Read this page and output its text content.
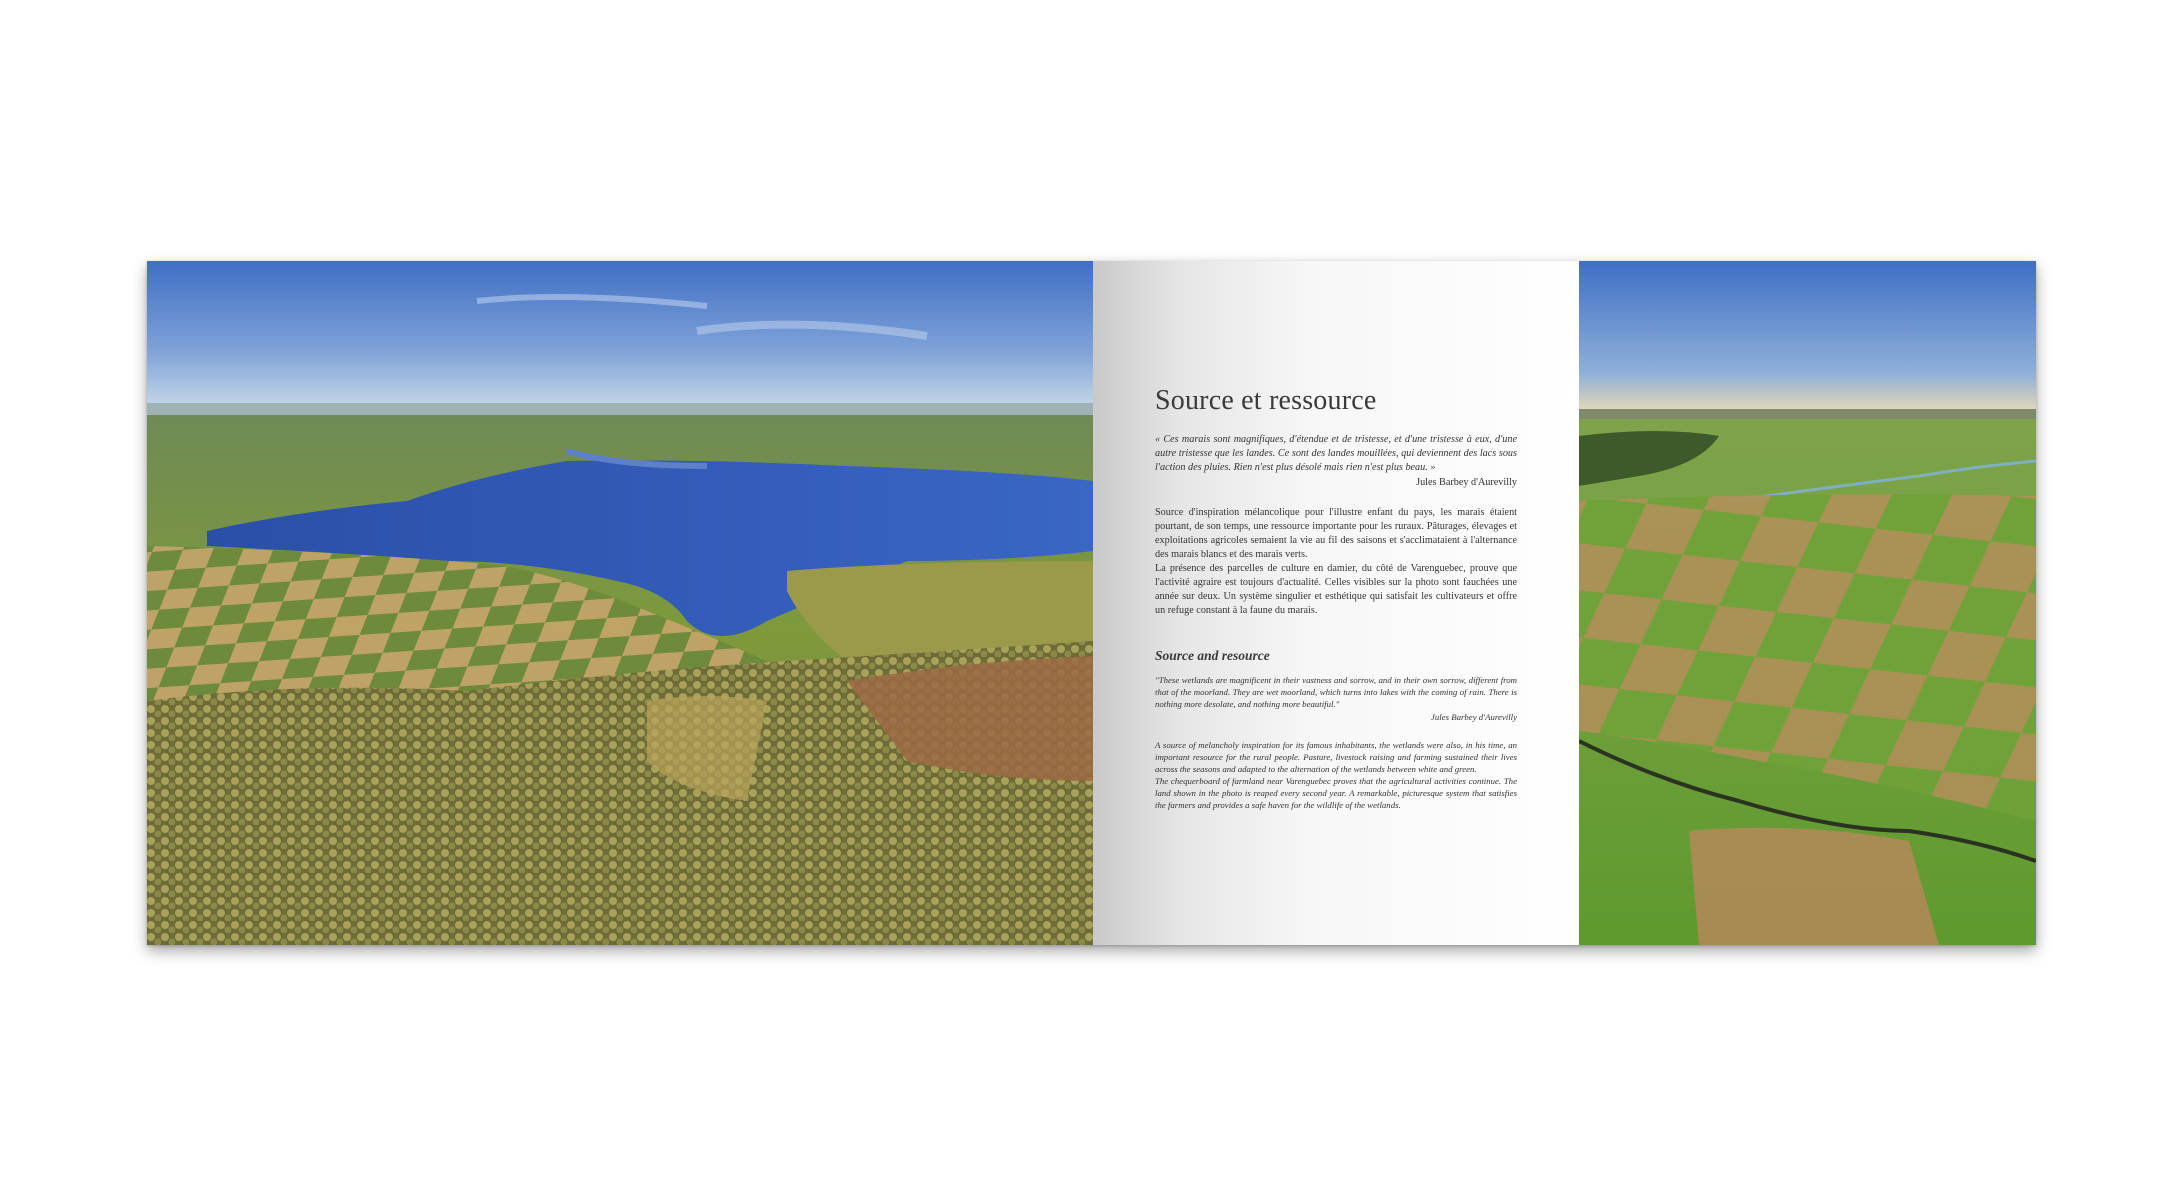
Source et ressource

« Ces marais sont magnifiques, d'étendue et de tristesse, et d'une tristesse à eux, d'une autre tristesse que les landes. Ce sont des landes mouillées, qui deviennent des lacs sous l'action des pluies. Rien n'est plus désolé mais rien n'est plus beau. »

Jules Barbey d'Aurevilly

Source d'inspiration mélancolique pour l'illustre enfant du pays, les marais étaient pourtant, de son temps, une ressource importante pour les ruraux. Pâturages, élevages et exploitations agricoles semaient la vie au fil des saisons et s'acclimataient à l'alternance des marais blancs et des marais verts.
La présence des parcelles de culture en damier, du côté de Varenguebec, prouve que l'activité agraire est toujours d'actualité. Celles visibles sur la photo sont fauchées une année sur deux. Un système singulier et esthétique qui satisfait les cultivateurs et offre un refuge constant à la faune du marais.

Source and resource

"These wetlands are magnificent in their vastness and sorrow, and in their own sorrow, different from that of the moorland. They are wet moorland, which turns into lakes with the coming of rain. There is nothing more desolate, and nothing more beautiful."

Jules Barbey d'Aurevilly

A source of melancholy inspiration for its famous inhabitants, the wetlands were also, in his time, an important resource for the rural people. Pasture, livestock raising and farming sustained their lives across the seasons and adapted to the alternation of the wetlands between white and green.
The chequerboard of farmland near Varenguebec proves that the agricultural activities continue. The land shown in the photo is reaped every second year. A remarkable, picturesque system that satisfies the farmers and provides a safe haven for the wildlife of the wetlands.
